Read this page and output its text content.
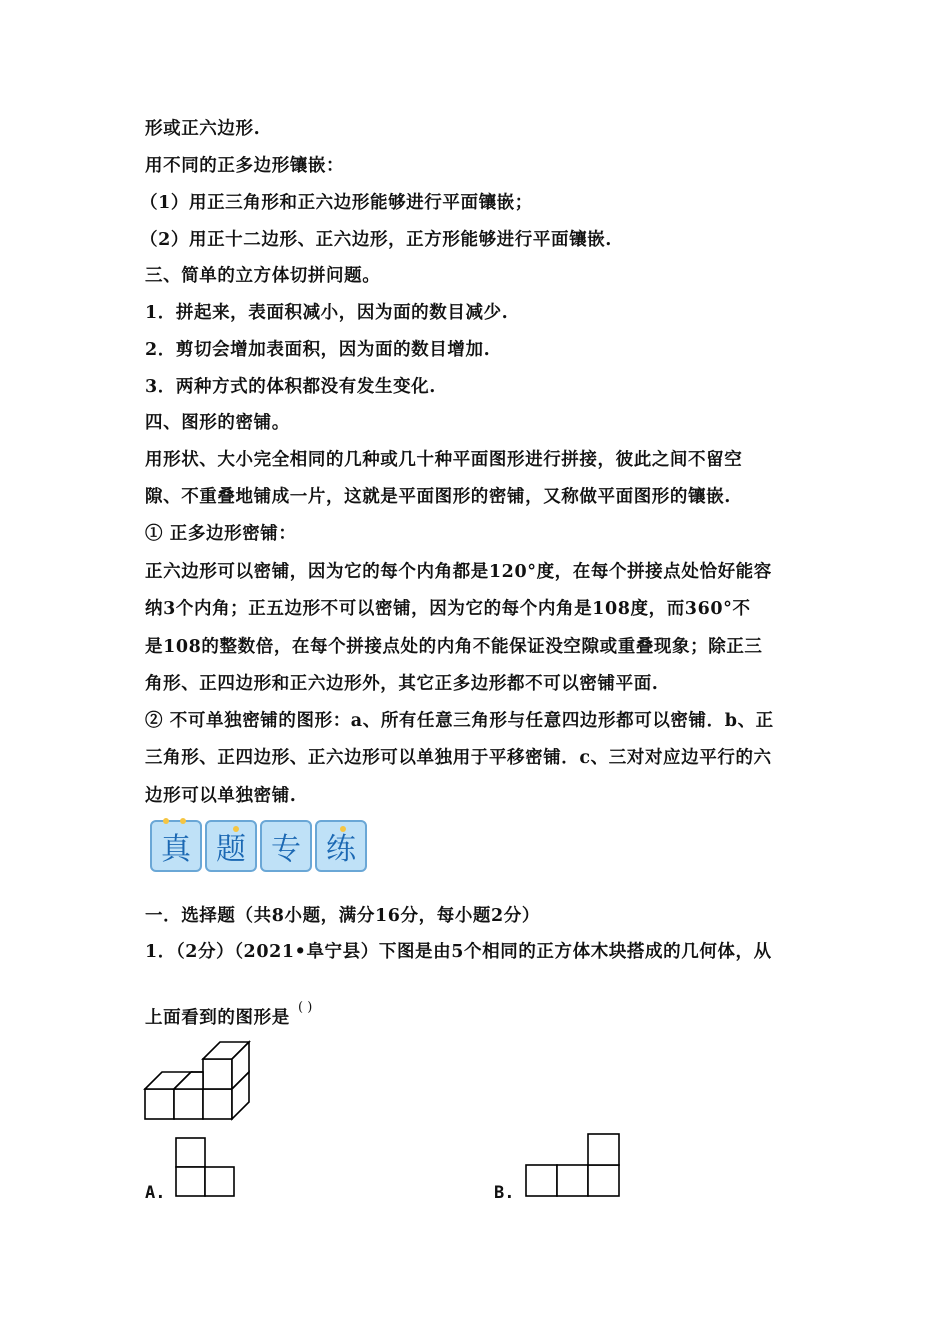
形或正六边形.
用不同的正多边形镶嵌：
（1）用正三角形和正六边形能够进行平面镶嵌；
（2）用正十二边形、正六边形，正方形能够进行平面镶嵌.
三、简单的立方体切拼问题。
1．拼起来，表面积减小，因为面的数目减少.
2．剪切会增加表面积，因为面的数目增加.
3．两种方式的体积都没有发生变化.
四、图形的密铺。
用形状、大小完全相同的几种或几十种平面图形进行拼接，彼此之间不留空
隙、不重叠地铺成一片，这就是平面图形的密铺，又称做平面图形的镶嵌.
① 正多边形密铺：
正六边形可以密铺，因为它的每个内角都是120°度，在每个拼接点处恰好能容
纳3个内角；正五边形不可以密铺，因为它的每个内角是108度，而360°不
是108的整数倍，在每个拼接点处的内角不能保证没空隙或重叠现象；除正三
角形、正四边形和正六边形外，其它正多边形都不可以密铺平面.
② 不可单独密铺的图形：a、所有任意三角形与任意四边形都可以密铺．b、正
三角形、正四边形、正六边形可以单独用于平移密铺．c、三对对应边平行的六
边形可以单独密铺.
真 题 专 练
一．选择题（共8小题，满分16分，每小题2分）
1．（2分）（2021•阜宁县）下图是由5个相同的正方体木块搭成的几何体，从
上面看到的图形是
( )
A.	B.
